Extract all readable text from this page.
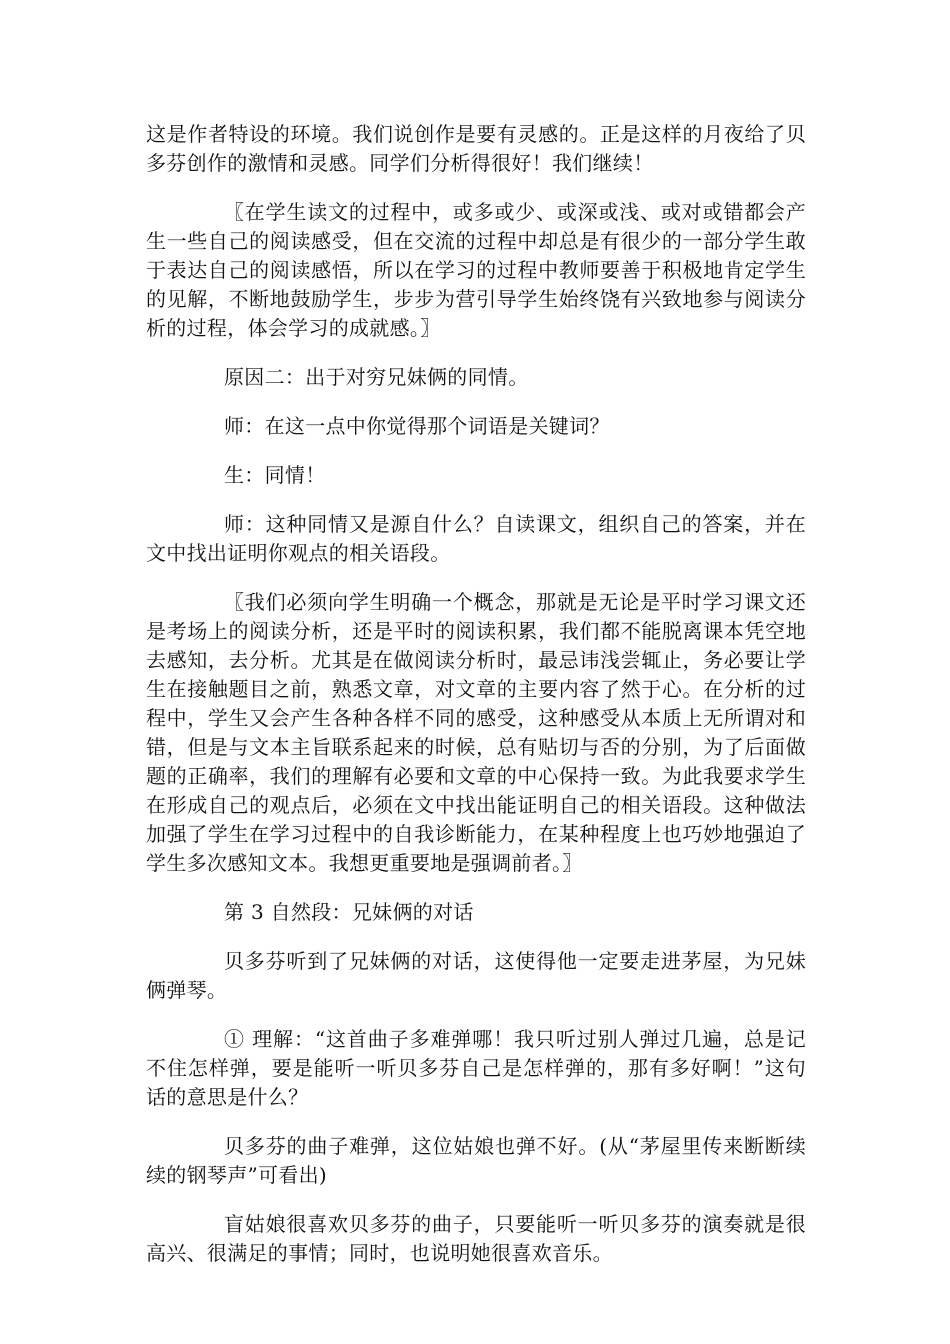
这是作者特设的环境。我们说创作是要有灵感的。正是这样的月夜给了贝多芬创作的激情和灵感。同学们分析得很好！我们继续！

〖在学生读文的过程中，或多或少、或深或浅、或对或错都会产生一些自己的阅读感受，但在交流的过程中却总是有很少的一部分学生敢于表达自己的阅读感悟，所以在学习的过程中教师要善于积极地肯定学生的见解，不断地鼓励学生，步步为营引导学生始终饶有兴致地参与阅读分析的过程，体会学习的成就感。〗

原因二：出于对穷兄妹俩的同情。

师：在这一点中你觉得那个词语是关键词？

生：同情！

师：这种同情又是源自什么？自读课文，组织自己的答案，并在文中找出证明你观点的相关语段。

〖我们必须向学生明确一个概念，那就是无论是平时学习课文还是考场上的阅读分析，还是平时的阅读积累，我们都不能脱离课本凭空地去感知，去分析。尤其是在做阅读分析时，最忌讳浅尝辄止，务必要让学生在接触题目之前，熟悉文章，对文章的主要内容了然于心。在分析的过程中，学生又会产生各种各样不同的感受，这种感受从本质上无所谓对和错，但是与文本主旨联系起来的时候，总有贴切与否的分别，为了后面做题的正确率，我们的理解有必要和文章的中心保持一致。为此我要求学生在形成自己的观点后，必须在文中找出能证明自己的相关语段。这种做法加强了学生在学习过程中的自我诊断能力，在某种程度上也巧妙地强迫了学生多次感知文本。我想更重要地是强调前者。〗

第 3 自然段：兄妹俩的对话

贝多芬听到了兄妹俩的对话，这使得他一定要走进茅屋，为兄妹俩弹琴。

① 理解：“这首曲子多难弹哪！我只听过别人弹过几遍，总是记不住怎样弹，要是能听一听贝多芬自己是怎样弹的，那有多好啊！”这句话的意思是什么？

贝多芬的曲子难弹，这位姑娘也弹不好。(从“茅屋里传来断断续续的钢琴声”可看出)

盲姑娘很喜欢贝多芬的曲子，只要能听一听贝多芬的演奏就是很高兴、很满足的事情；同时，也说明她很喜欢音乐。
